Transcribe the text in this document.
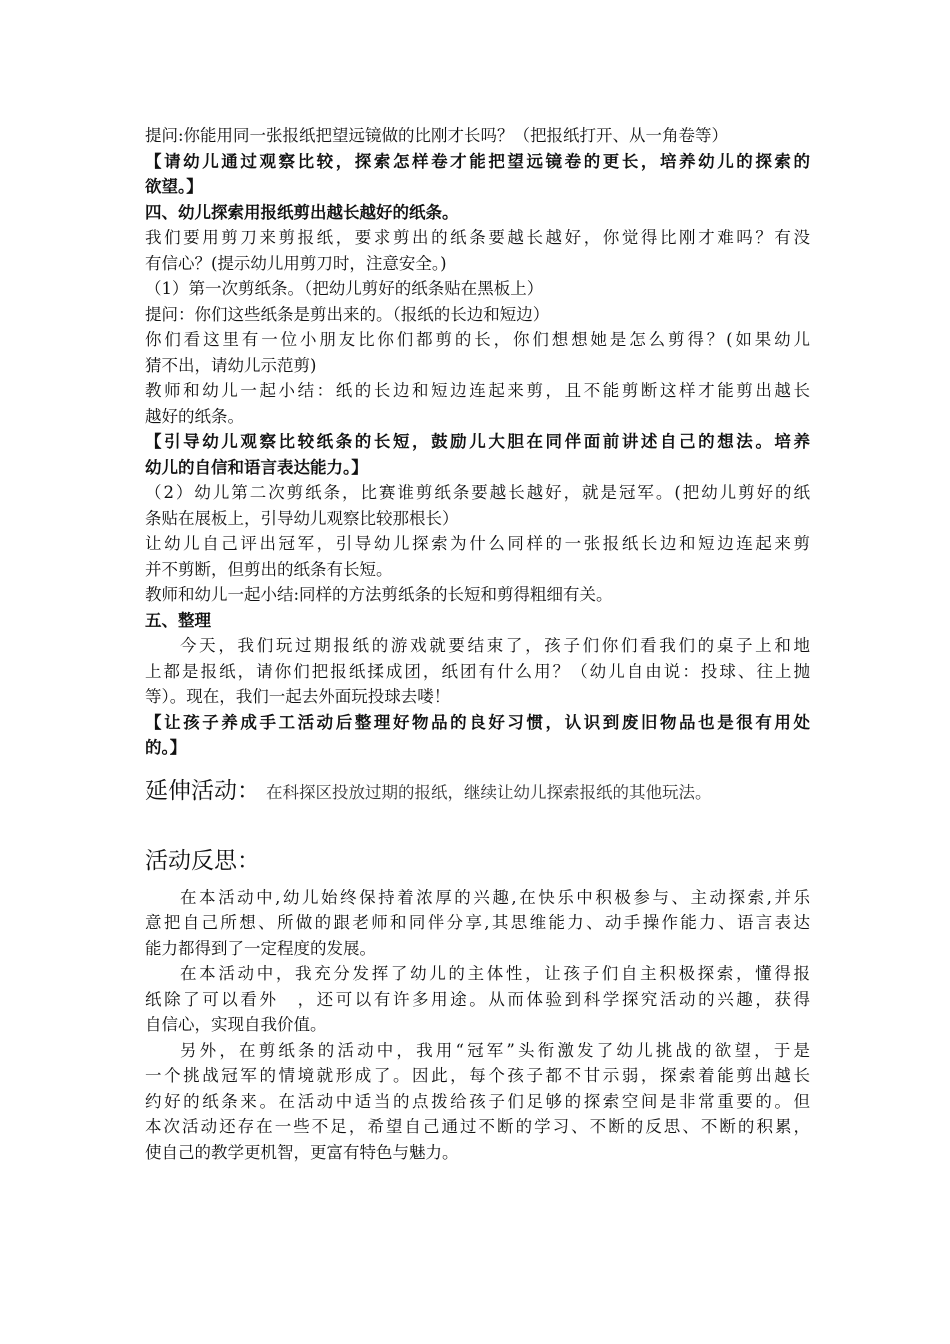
提问:你能用同一张报纸把望远镜做的比刚才长吗？（把报纸打开、从一角卷等）
【请幼儿通过观察比较，探索怎样卷才能把望远镜卷的更长，培养幼儿的探索的
欲望。】
四、幼儿探索用报纸剪出越长越好的纸条。
我们要用剪刀来剪报纸，要求剪出的纸条要越长越好，你觉得比刚才难吗？有没
有信心？(提示幼儿用剪刀时，注意安全。)
（1）第一次剪纸条。（把幼儿剪好的纸条贴在黑板上）
提问：你们这些纸条是剪出来的。（报纸的长边和短边）
你们看这里有一位小朋友比你们都剪的长，你们想想她是怎么剪得？(如果幼儿
猜不出，请幼儿示范剪)
教师和幼儿一起小结：纸的长边和短边连起来剪，且不能剪断这样才能剪出越长
越好的纸条。
【引导幼儿观察比较纸条的长短，鼓励儿大胆在同伴面前讲述自己的想法。培养
幼儿的自信和语言表达能力。】
（2）幼儿第二次剪纸条，比赛谁剪纸条要越长越好，就是冠军。(把幼儿剪好的纸
条贴在展板上，引导幼儿观察比较那根长）
让幼儿自己评出冠军，引导幼儿探索为什么同样的一张报纸长边和短边连起来剪
并不剪断，但剪出的纸条有长短。
教师和幼儿一起小结:同样的方法剪纸条的长短和剪得粗细有关。
五、整理
今天，我们玩过期报纸的游戏就要结束了，孩子们你们看我们的桌子上和地
上都是报纸，请你们把报纸揉成团，纸团有什么用？（幼儿自由说：投球、往上抛
等）。现在，我们一起去外面玩投球去喽！
【让孩子养成手工活动后整理好物品的良好习惯，认识到废旧物品也是很有用处
的。】
延伸活动： 在科探区投放过期的报纸，继续让幼儿探索报纸的其他玩法。
活动反思：
在本活动中,幼儿始终保持着浓厚的兴趣,在快乐中积极参与、主动探索,并乐
意把自己所想、所做的跟老师和同伴分享,其思维能力、动手操作能力、语言表达
能力都得到了一定程度的发展。
在本活动中，我充分发挥了幼儿的主体性，让孩子们自主积极探索，懂得报
纸除了可以看外　，还可以有许多用途。从而体验到科学探究活动的兴趣，获得
自信心，实现自我价值。
另外，在剪纸条的活动中，我用“冠军”头衔激发了幼儿挑战的欲望，于是
一个挑战冠军的情境就形成了。因此，每个孩子都不甘示弱，探索着能剪出越长
约好的纸条来。在活动中适当的点拨给孩子们足够的探索空间是非常重要的。但
本次活动还存在一些不足，希望自己通过不断的学习、不断的反思、不断的积累，
使自己的教学更机智，更富有特色与魅力。
